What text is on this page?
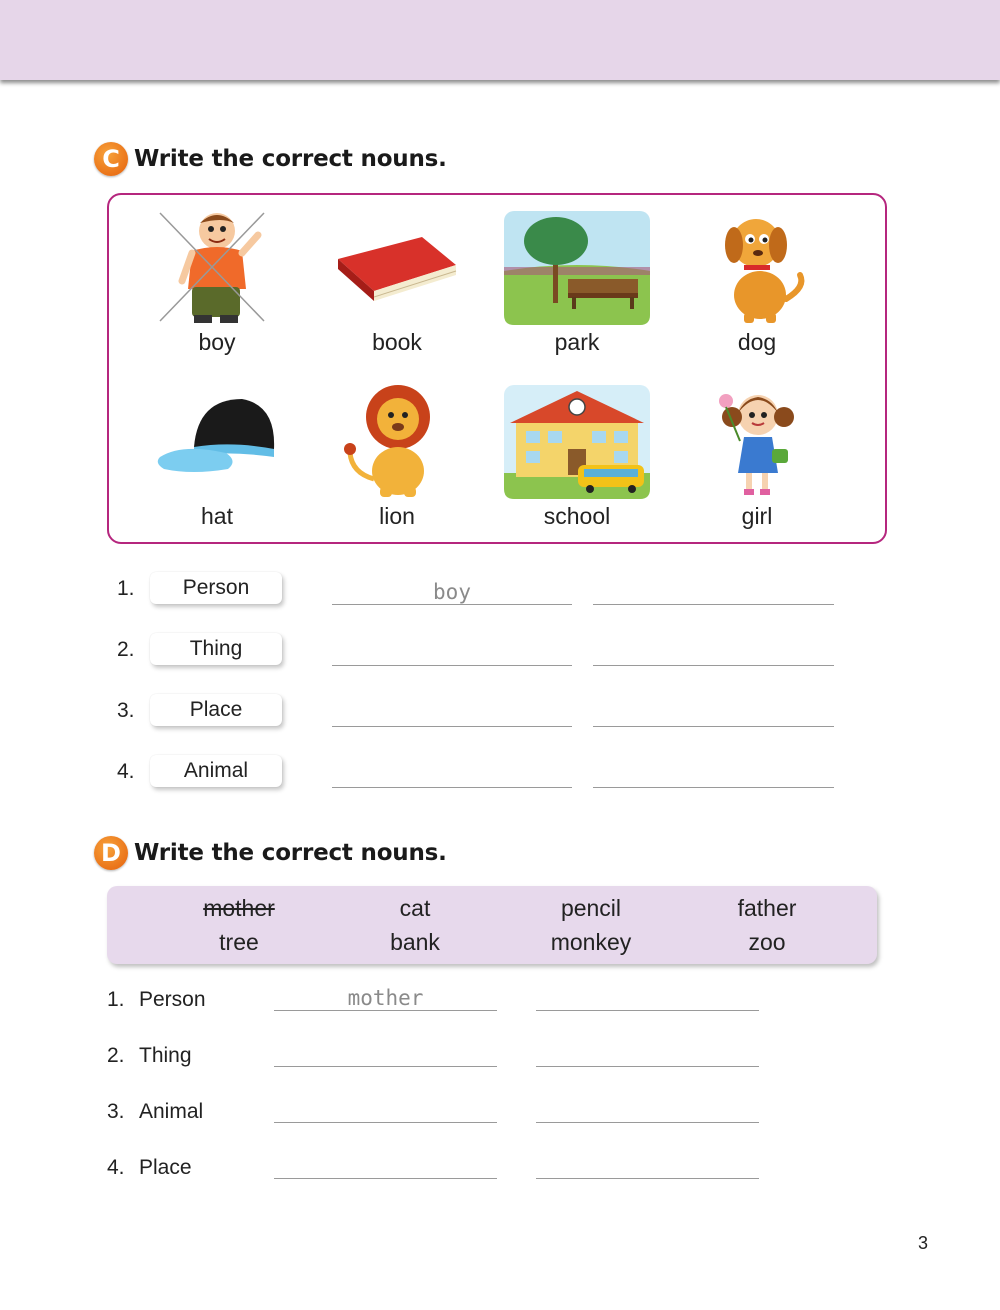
C Write the correct nouns.
boy	book	park	dog
hat	lion	school	girl
1.	Person	boy
2.	Thing
3.	Place
4.	Animal
D Write the correct nouns.
mother	cat	pencil	father
tree	bank	monkey	zoo
1. Person	mother
2. Thing
3. Animal
4. Place
3
